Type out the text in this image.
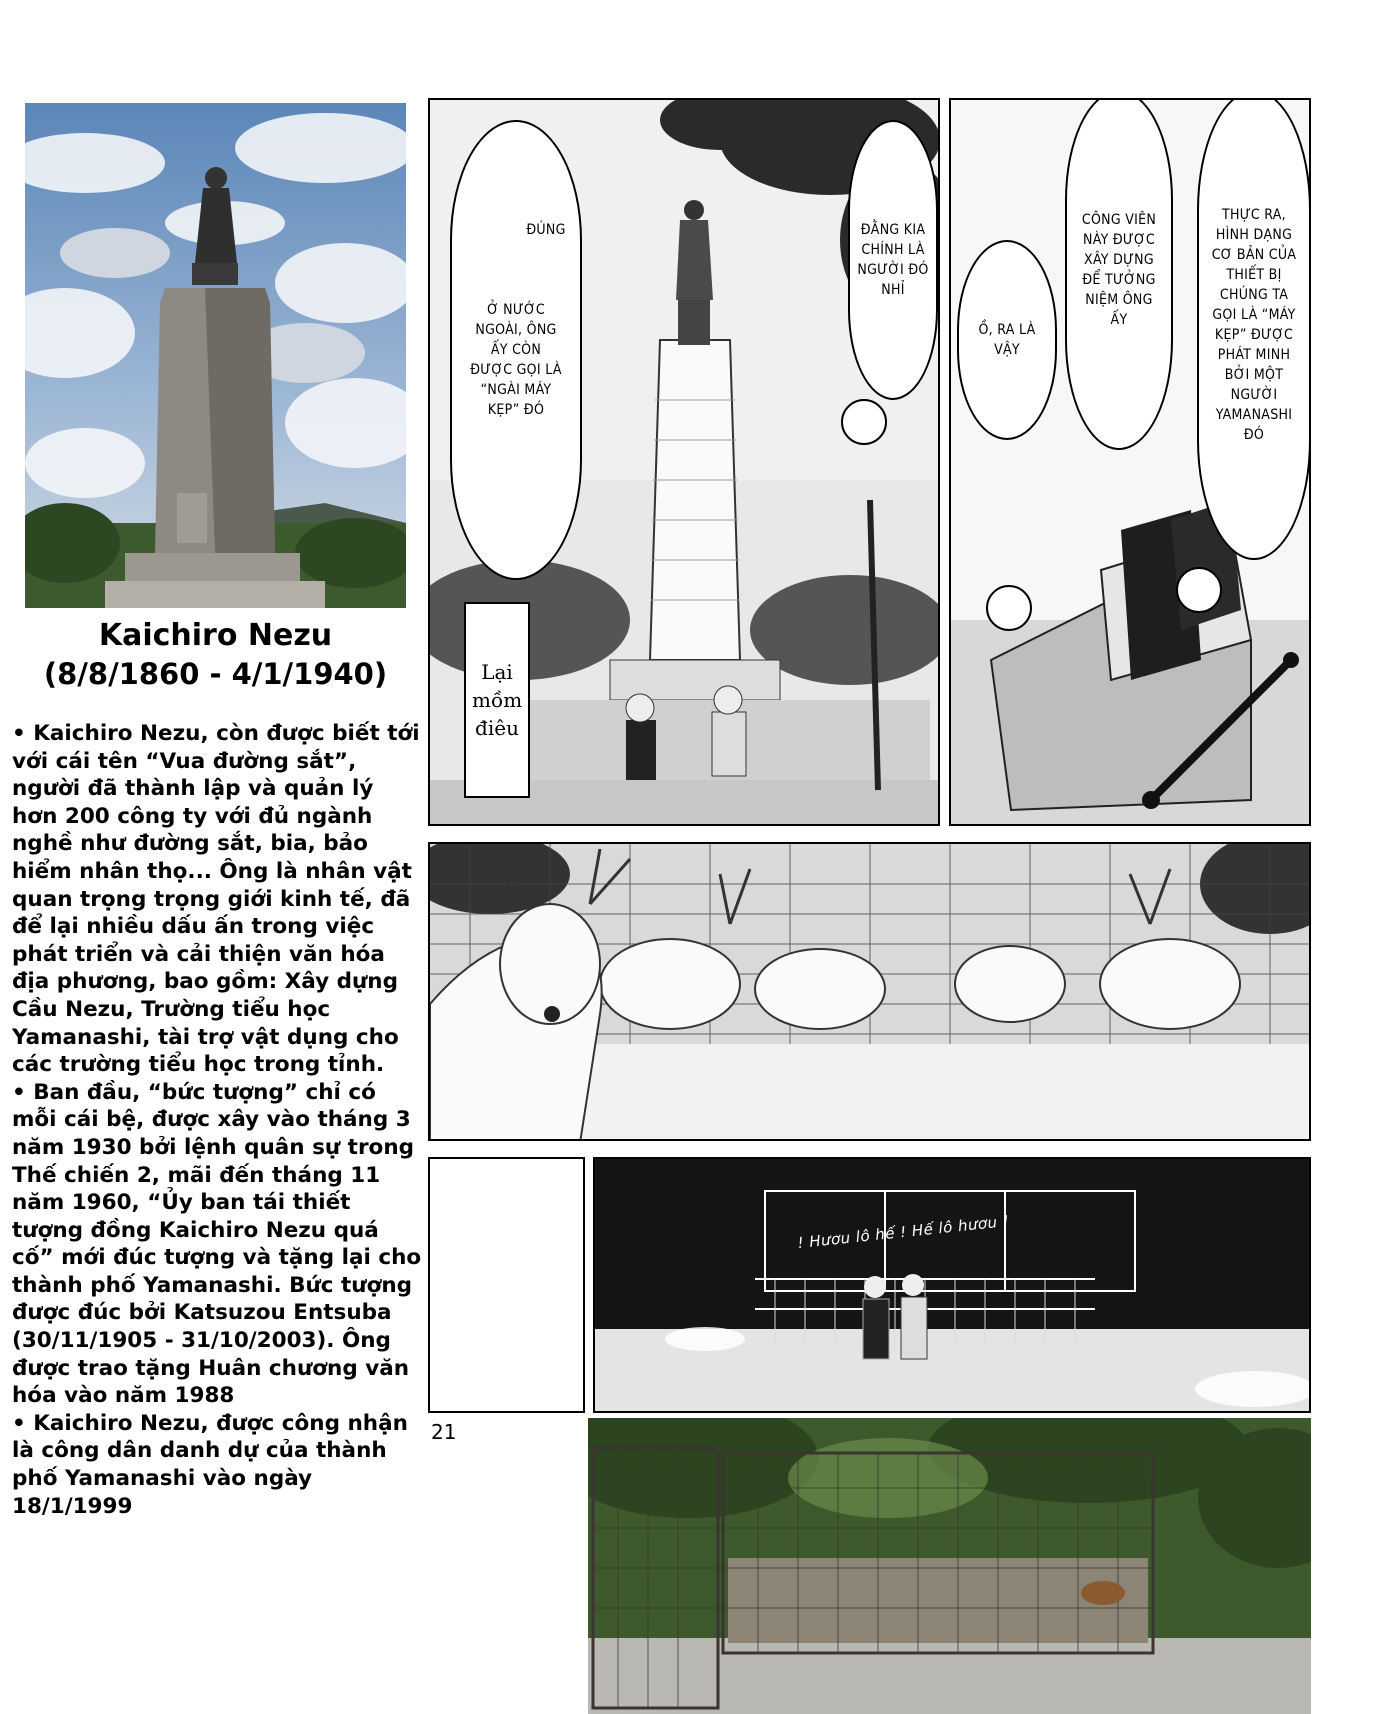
Kaichiro Nezu
(8/8/1860 - 4/1/1940)

• Kaichiro Nezu, còn được biết tới với cái tên “Vua đường sắt”, người đã thành lập và quản lý hơn 200 công ty với đủ ngành nghề như đường sắt, bia, bảo hiểm nhân thọ... Ông là nhân vật quan trọng trọng giới kinh tế, đã để lại nhiều dấu ấn trong việc phát triển và cải thiện văn hóa địa phương, bao gồm: Xây dựng Cầu Nezu, Trường tiểu học Yamanashi, tài trợ vật dụng cho các trường tiểu học trong tỉnh.

• Ban đầu, “bức tượng” chỉ có mỗi cái bệ, được xây vào tháng 3 năm 1930 bởi lệnh quân sự trong Thế chiến 2, mãi đến tháng 11 năm 1960, “Ủy ban tái thiết tượng đồng Kaichiro Nezu quá cố” mới đúc tượng và tặng lại cho thành phố Yamanashi. Bức tượng được đúc bởi Katsuzou Entsuba (30/11/1905 - 31/10/2003). Ông được trao tặng Huân chương văn hóa vào năm 1988

• Kaichiro Nezu, được công nhận là công dân danh dự của thành phố Yamanashi vào ngày 18/1/1999

ĐÚNG
Ở NƯỚC NGOÀI, ÔNG ẤY CÒN ĐƯỢC GỌI LÀ “NGÀI MÁY KẸP” ĐÓ
ĐẰNG KIA CHÍNH LÀ NGƯỜI ĐÓ NHỈ
Lại mồm điêu
Ồ, RA LÀ VẬY
CÔNG VIÊN NÀY ĐƯỢC XÂY DỰNG ĐỂ TƯỞNG NIỆM ÔNG ẤY
THỰC RA, HÌNH DẠNG CƠ BẢN CỦA THIẾT BỊ CHÚNG TA GỌI LÀ “MÁY KẸP” ĐƯỢC PHÁT MINH BỞI MỘT NGƯỜI YAMANASHI ĐÓ
! Hươu lô hế ! Hế lô hươu !
21
